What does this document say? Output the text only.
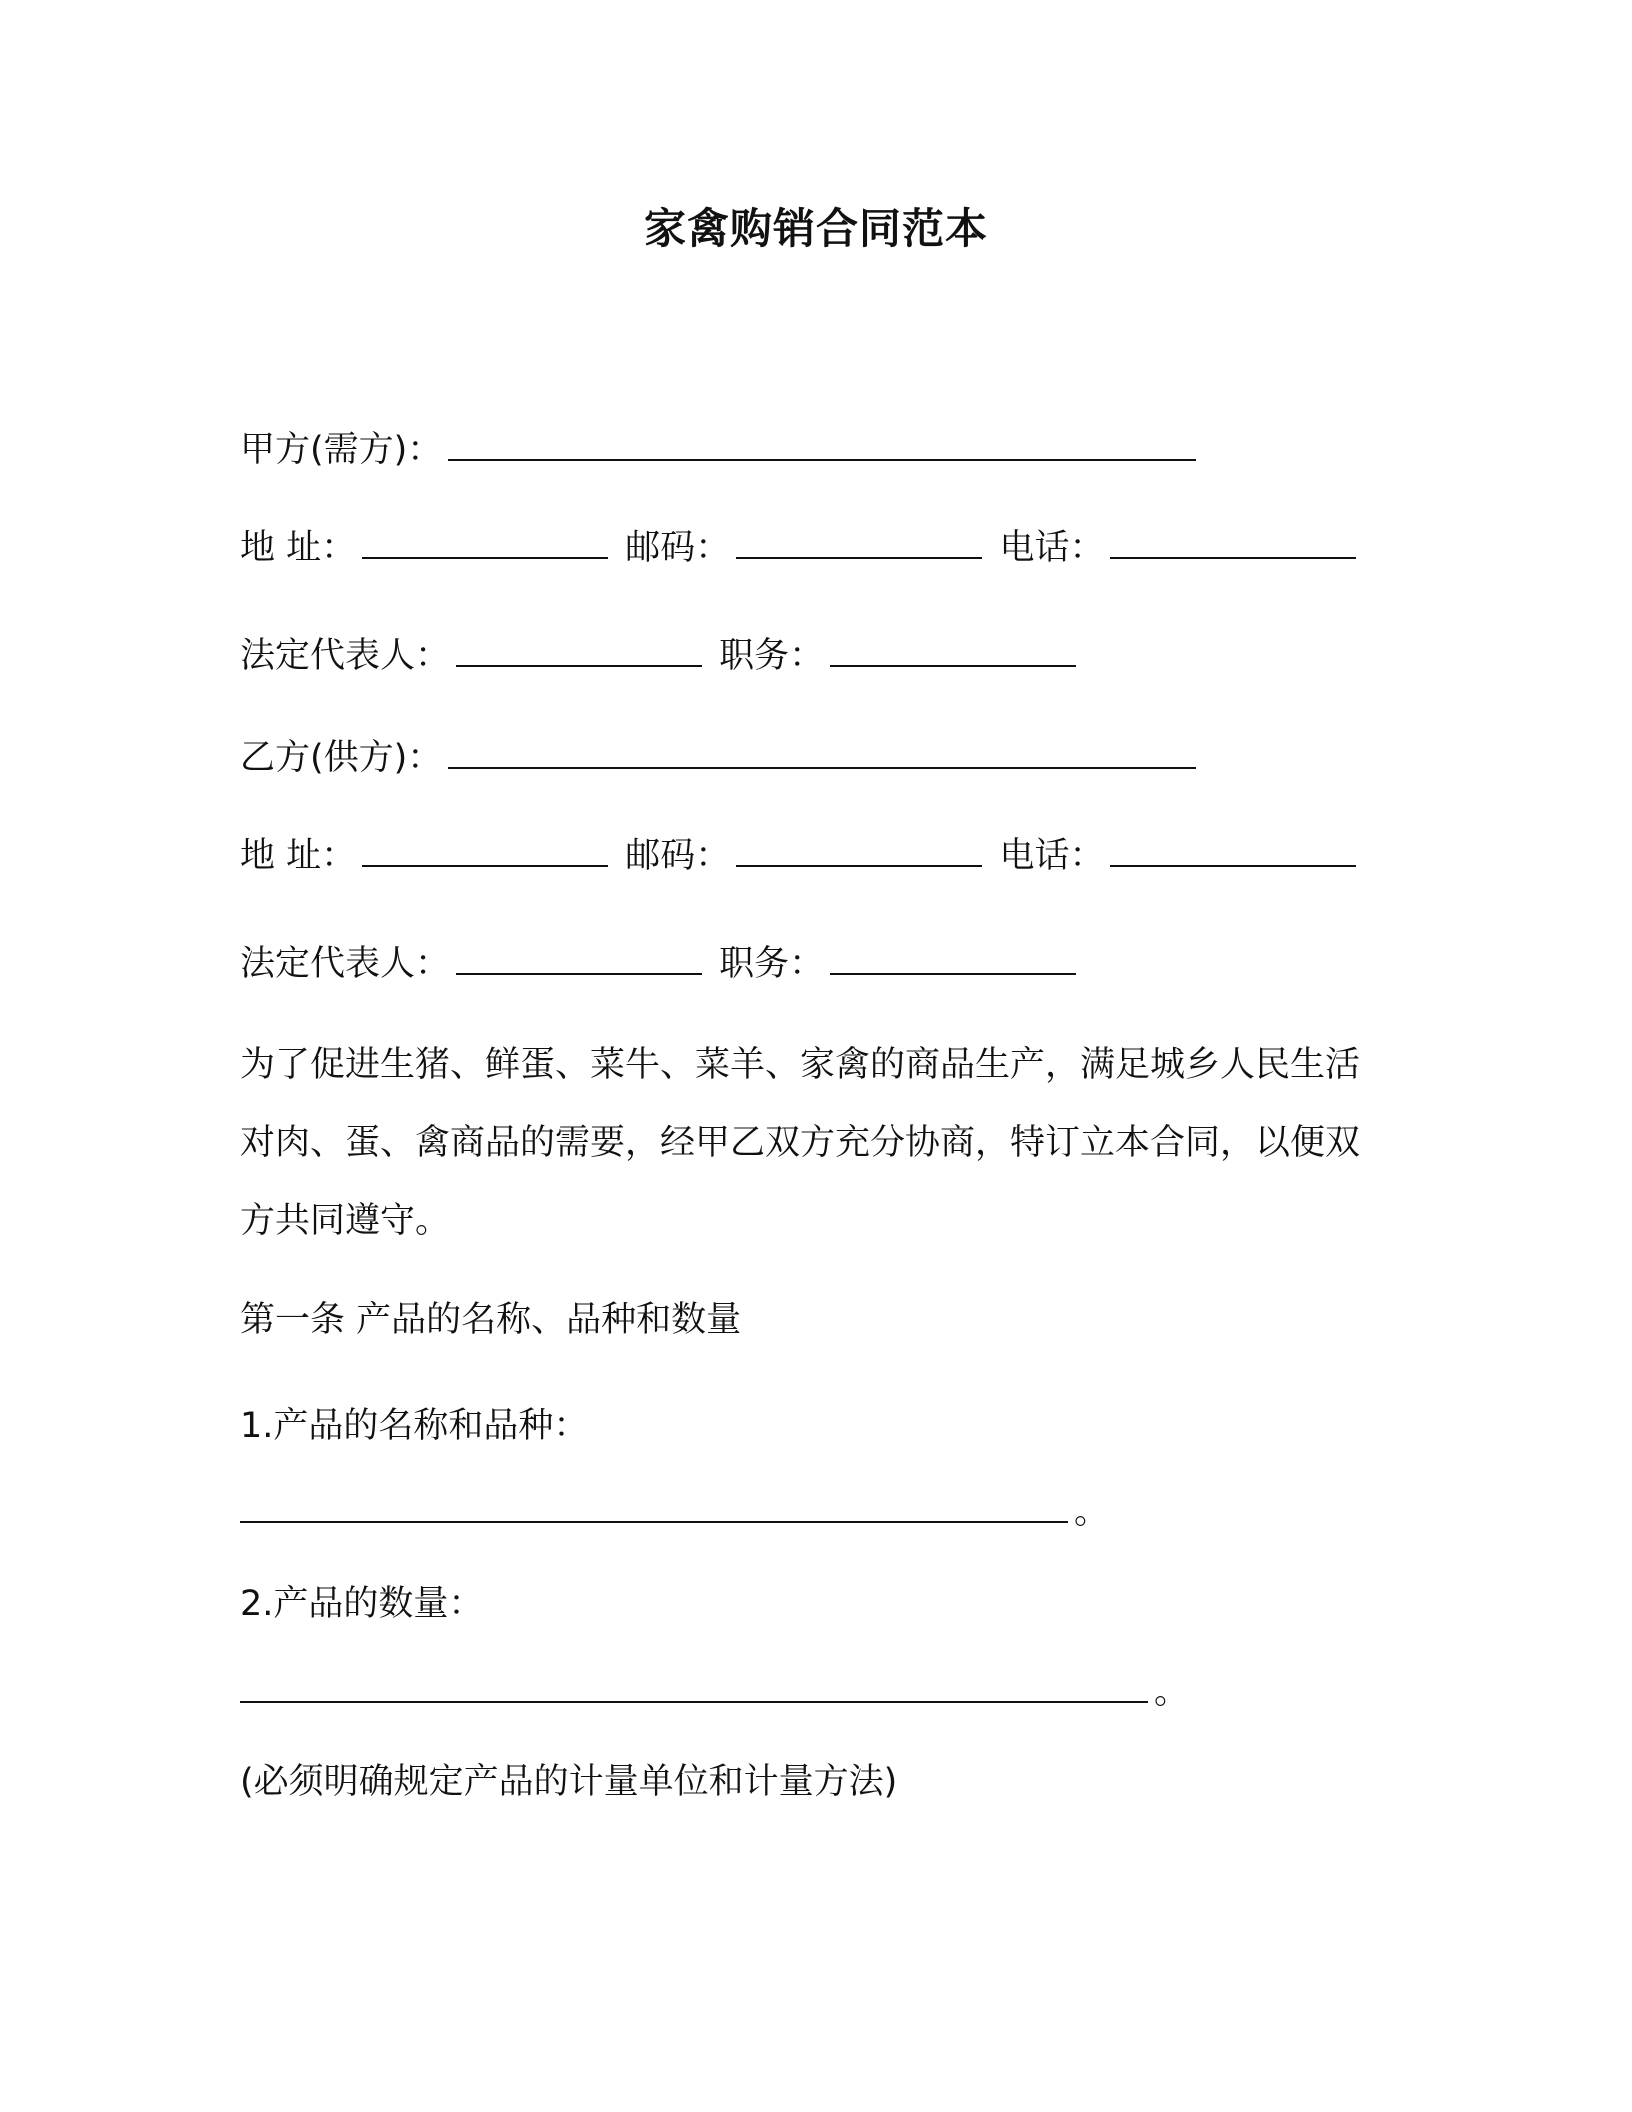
家禽购销合同范本
甲方(需方)：
地 址：	邮码：	电话：
法定代表人：	职务：
乙方(供方)：
地 址：	邮码：	电话：
法定代表人：	职务：
为了促进生猪、鲜蛋、菜牛、菜羊、家禽的商品生产，满足城乡人民生活对肉、蛋、禽商品的需要，经甲乙双方充分协商，特订立本合同，以便双方共同遵守。
第一条 产品的名称、品种和数量
1.产品的名称和品种：
。
2.产品的数量：
。
(必须明确规定产品的计量单位和计量方法)
